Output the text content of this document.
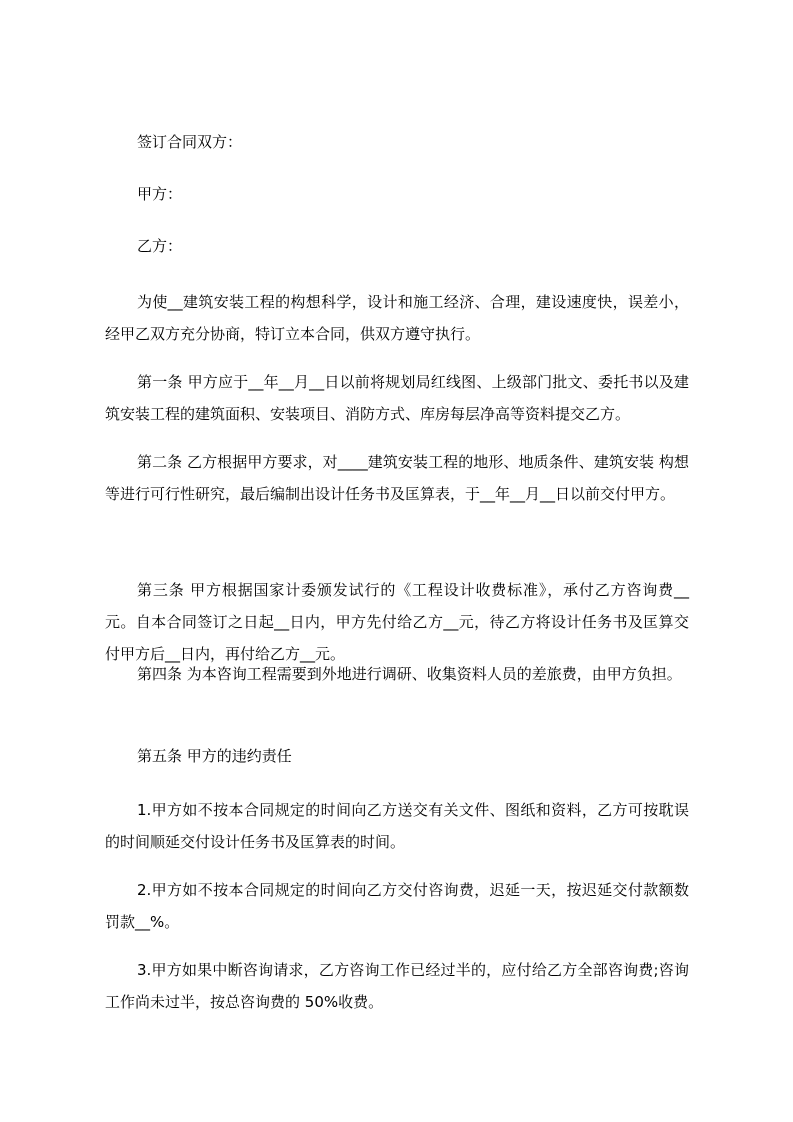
签订合同双方：

甲方：

乙方：

为使__建筑安装工程的构想科学，设计和施工经济、合理，建设速度快，误差小，经甲乙双方充分协商，特订立本合同，供双方遵守执行。

第一条 甲方应于__年__月__日以前将规划局红线图、上级部门批文、委托书以及建筑安装工程的建筑面积、安装项目、消防方式、库房每层净高等资料提交乙方。

第二条 乙方根据甲方要求，对____建筑安装工程的地形、地质条件、建筑安装 构想等进行可行性研究，最后编制出设计任务书及匡算表，于__年__月__日以前交付甲方。

第三条 甲方根据国家计委颁发试行的《工程设计收费标准》，承付乙方咨询费__ 元。自本合同签订之日起__日内，甲方先付给乙方__元，待乙方将设计任务书及匡算交付甲方后__日内，再付给乙方__元。

第四条 为本咨询工程需要到外地进行调研、收集资料人员的差旅费，由甲方负担。

第五条 甲方的违约责任

1.甲方如不按本合同规定的时间向乙方送交有关文件、图纸和资料，乙方可按耽误的时间顺延交付设计任务书及匡算表的时间。

2.甲方如不按本合同规定的时间向乙方交付咨询费，迟延一天，按迟延交付款额数罚款__%。

3.甲方如果中断咨询请求，乙方咨询工作已经过半的，应付给乙方全部咨询费;咨询工作尚未过半，按总咨询费的 50%收费。
